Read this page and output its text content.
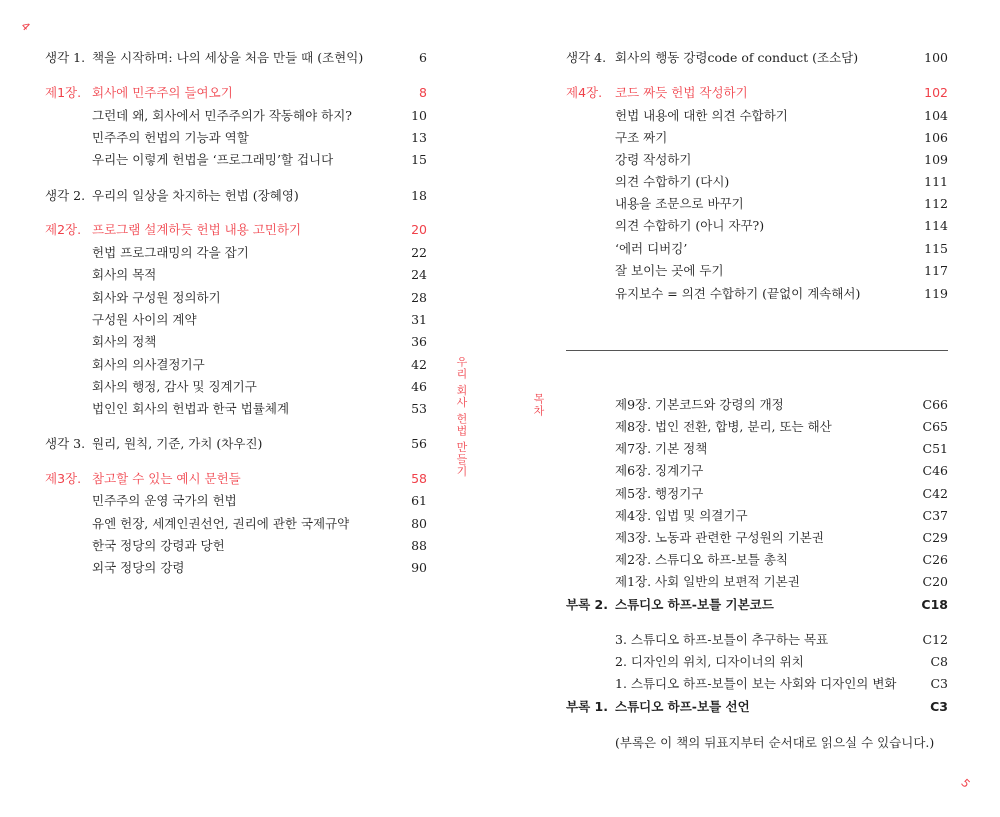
생각 1. 책을 시작하며: 나의 세상을 처음 만들 때 (조현익)	6
제1장. 회사에 민주주의 들여오기	8
그런데 왜, 회사에서 민주주의가 작동해야 하지?	10
민주주의 헌법의 기능과 역할	13
우리는 이렇게 헌법을 ‘프로그래밍’할 겁니다	15
생각 2. 우리의 일상을 차지하는 헌법 (장혜영)	18
제2장. 프로그램 설계하듯 헌법 내용 고민하기	20
헌법 프로그래밍의 각을 잡기	22
회사의 목적	24
회사와 구성원 정의하기	28
구성원 사이의 계약	31
회사의 정책	36
회사의 의사결정기구	42
회사의 행정, 감사 및 징계기구	46
법인인 회사의 헌법과 한국 법률체계	53
생각 3. 원리, 원칙, 기준, 가치 (차우진)	56
제3장. 참고할 수 있는 예시 문헌들	58
민주주의 운영 국가의 헌법	61
유엔 헌장, 세계인권선언, 권리에 관한 국제규약	80
한국 정당의 강령과 당헌	88
외국 정당의 강령	90
생각 4. 회사의 행동 강령code of conduct (조소담)	100
제4장. 코드 짜듯 헌법 작성하기	102
헌법 내용에 대한 의견 수합하기	104
구조 짜기	106
강령 작성하기	109
의견 수합하기 (다시)	111
내용을 조문으로 바꾸기	112
의견 수합하기 (아니 자꾸?)	114
‘에러 디버깅’	115
잘 보이는 곳에 두기	117
유지보수 = 의견 수합하기 (끝없이 계속해서)	119
제9장. 기본코드와 강령의 개정	C66
제8장. 법인 전환, 합병, 분리, 또는 해산	C65
제7장. 기본 정책	C51
제6장. 징계기구	C46
제5장. 행정기구	C42
제4장. 입법 및 의결기구	C37
제3장. 노동과 관련한 구성원의 기본권	C29
제2장. 스튜디오 하프-보틀 총칙	C26
제1장. 사회 일반의 보편적 기본권	C20
부록 2. 스튜디오 하프-보틀 기본코드	C18
3. 스튜디오 하프-보틀이 추구하는 목표	C12
2. 디자인의 위치, 디자이너의 위치	C8
1. 스튜디오 하프-보틀이 보는 사회와 디자인의 변화	C3
부록 1. 스튜디오 하프-보틀 선언	C3
4
5
우리 회사 헌법 만들기	목차
(부록은 이 책의 뒤표지부터 순서대로 읽으실 수 있습니다.)
